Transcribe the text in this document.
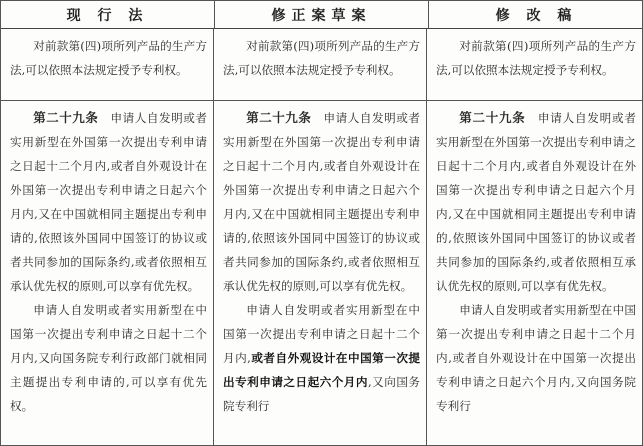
现 行 法	修正案草案	修 改 稿

对前款第(四)项所列产品的生产方法,可以依照本法规定授予专利权。

对前款第(四)项所列产品的生产方法,可以依照本法规定授予专利权。

对前款第(四)项所列产品的生产方法,可以依照本法规定授予专利权。

第二十九条  申请人自发明或者实用新型在外国第一次提出专利申请之日起十二个月内,或者自外观设计在外国第一次提出专利申请之日起六个月内,又在中国就相同主题提出专利申请的,依照该外国同中国签订的协议或者共同参加的国际条约,或者依照相互承认优先权的原则,可以享有优先权。

申请人自发明或者实用新型在中国第一次提出专利申请之日起十二个月内,又向国务院专利行政部门就相同主题提出专利申请的,可以享有优先权。

第二十九条  申请人自发明或者实用新型在外国第一次提出专利申请之日起十二个月内,或者自外观设计在外国第一次提出专利申请之日起六个月内,又在中国就相同主题提出专利申请的,依照该外国同中国签订的协议或者共同参加的国际条约,或者依照相互承认优先权的原则,可以享有优先权。

申请人自发明或者实用新型在中国第一次提出专利申请之日起十二个月内,或者自外观设计在中国第一次提出专利申请之日起六个月内,又向国务院专利行

第二十九条  申请人自发明或者实用新型在外国第一次提出专利申请之日起十二个月内,或者自外观设计在外国第一次提出专利申请之日起六个月内,又在中国就相同主题提出专利申请的,依照该外国同中国签订的协议或者共同参加的国际条约,或者依照相互承认优先权的原则,可以享有优先权。

申请人自发明或者实用新型在中国第一次提出专利申请之日起十二个月内,或者自外观设计在中国第一次提出专利申请之日起六个月内,又向国务院专利行
